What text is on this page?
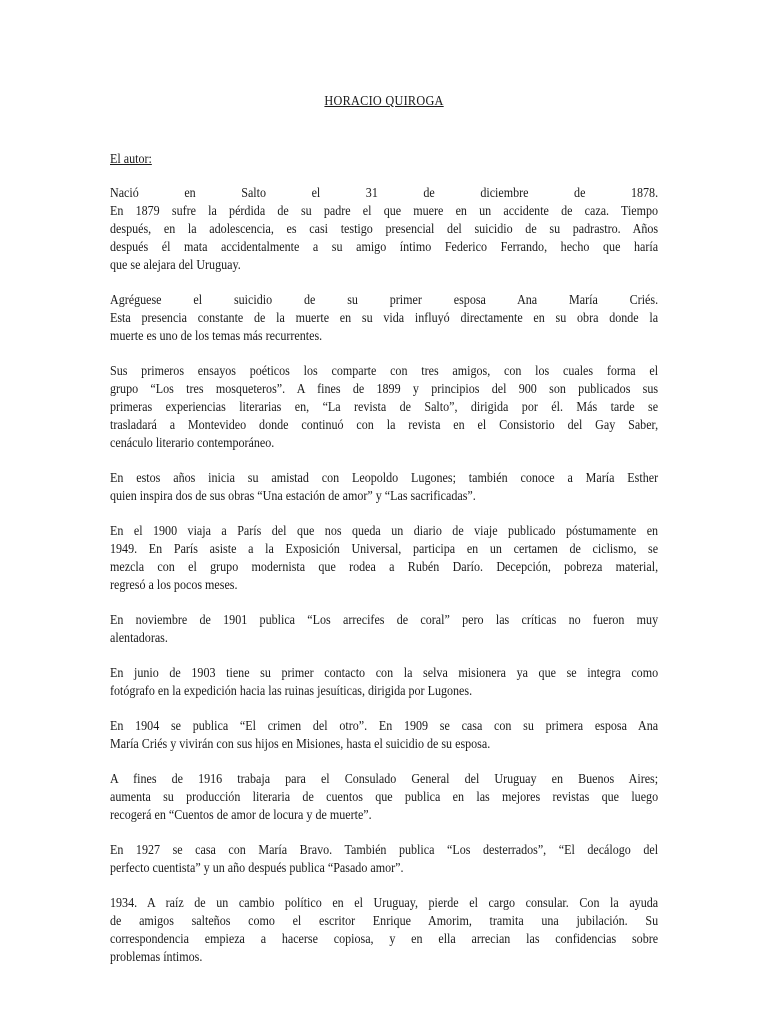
HORACIO QUIROGA
El autor:
Nació en Salto el 31 de diciembre de 1878.
En 1879 sufre la pérdida de su padre el que muere en un accidente de caza. Tiempo
después, en la adolescencia, es casi testigo presencial del suicidio de su padrastro. Años
después él mata accidentalmente a su amigo íntimo Federico Ferrando, hecho que haría
que se alejara del Uruguay.
Agréguese el suicidio de su primer esposa Ana María Criés.
Esta presencia constante de la muerte en su vida influyó directamente en su obra donde la
muerte es uno de los temas más recurrentes.
Sus primeros ensayos poéticos los comparte con tres amigos, con los cuales forma el
grupo “Los tres mosqueteros”. A fines de 1899 y principios del 900 son publicados sus
primeras experiencias literarias en, “La revista de Salto”, dirigida por él. Más tarde se
trasladará a Montevideo donde continuó con la revista en el Consistorio del Gay Saber,
cenáculo literario contemporáneo.
En estos años inicia su amistad con Leopoldo Lugones; también conoce a María Esther
quien inspira dos de sus obras “Una estación de amor” y “Las sacrificadas”.
En el 1900 viaja a París del que nos queda un diario de viaje publicado póstumamente en
1949. En París asiste a la Exposición Universal, participa en un certamen de ciclismo, se
mezcla con el grupo modernista que rodea a Rubén Darío. Decepción, pobreza material,
regresó a los pocos meses.
En noviembre de 1901 publica “Los arrecifes de coral” pero las críticas no fueron muy
alentadoras.
En junio de 1903 tiene su primer contacto con la selva misionera ya que se integra como
fotógrafo en la expedición hacia las ruinas jesuíticas, dirigida por Lugones.
En 1904 se publica “El crimen del otro”. En 1909 se casa con su primera esposa Ana
María Criés y vivirán con sus hijos en Misiones, hasta el suicidio de su esposa.
A fines de 1916 trabaja para el Consulado General del Uruguay en Buenos Aires;
aumenta su producción literaria de cuentos que publica en las mejores revistas que luego
recogerá en “Cuentos de amor de locura y de muerte”.
En 1927 se casa con María Bravo. También publica “Los desterrados”, “El decálogo del
perfecto cuentista” y un año después publica “Pasado amor”.
1934. A raíz de un cambio político en el Uruguay, pierde el cargo consular. Con la ayuda
de amigos salteños como el escritor Enrique Amorim, tramita una jubilación. Su
correspondencia empieza a hacerse copiosa, y en ella arrecian las confidencias sobre
problemas íntimos.
